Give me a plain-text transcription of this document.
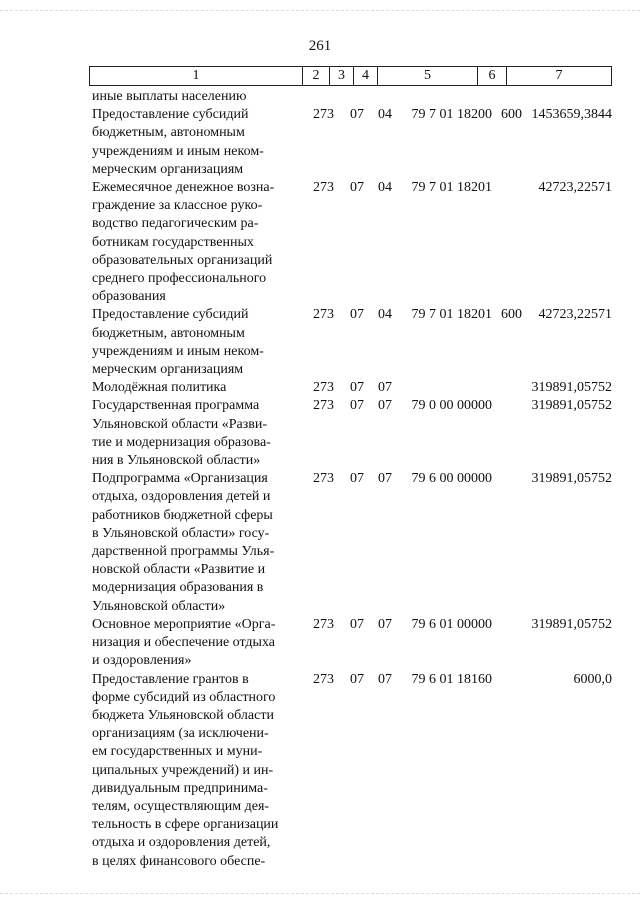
261
1	2	3	4	5	6	7
иные выплаты населению
Предоставление субсидий
бюджетным, автономным
учреждениям и иным неком-
мерческим организациям
273	07	04	79 7 01 18200 600 1453659,3844
Ежемесячное денежное возна-
граждение за классное руко-
водство педагогическим ра-
ботникам государственных
образовательных организаций
среднего профессионального
образования
273	07	04	79 7 01 18201	42723,22571
Предоставление субсидий
бюджетным, автономным
учреждениям и иным неком-
мерческим организациям
273	07	04	79 7 01 18201 600	42723,22571
Молодёжная политика	273	07	07	319891,05752
Государственная программа
Ульяновской области «Разви-
тие и модернизация образова-
ния в Ульяновской области»
273	07	07	79 0 00 00000	319891,05752
Подпрограмма «Организация
отдыха, оздоровления детей и
работников бюджетной сферы
в Ульяновской области» госу-
дарственной программы Улья-
новской области «Развитие и
модернизация образования в
Ульяновской области»
273	07	07	79 6 00 00000	319891,05752
Основное мероприятие «Орга-
низация и обеспечение отдыха
и оздоровления»
273	07	07	79 6 01 00000	319891,05752
Предоставление грантов в
форме субсидий из областного
бюджета Ульяновской области
организациям (за исключени-
ем государственных и муни-
ципальных учреждений) и ин-
дивидуальным предпринима-
телям, осуществляющим дея-
тельность в сфере организации
отдыха и оздоровления детей,
в целях финансового обеспе-
273	07	07	79 6 01 18160	6000,0
